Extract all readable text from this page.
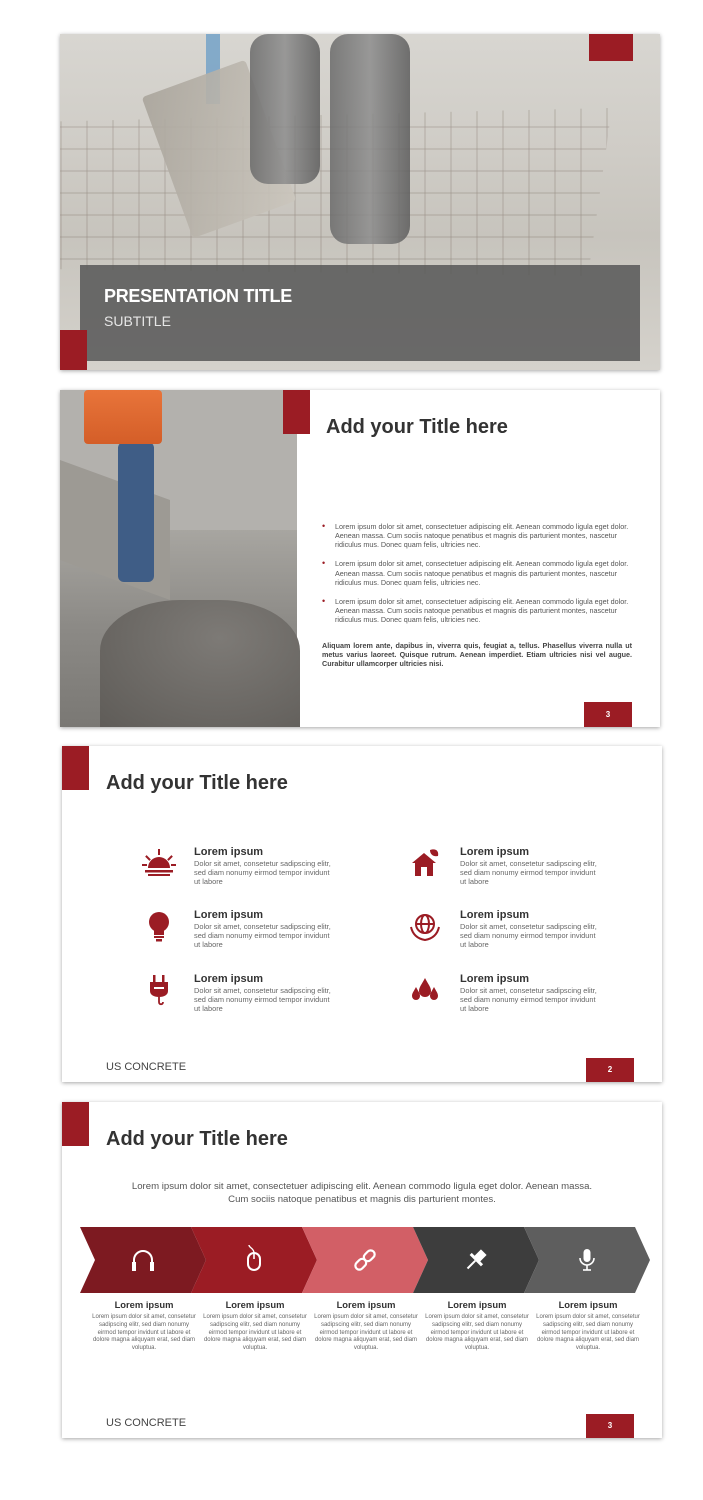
PRESENTATION TITLE
SUBTITLE
Add your Title here
• Lorem ipsum dolor sit amet, consectetuer adipiscing elit. Aenean commodo ligula eget dolor. Aenean massa. Cum sociis natoque penatibus et magnis dis parturient montes, nascetur ridiculus mus. Donec quam felis, ultricies nec.
• Lorem ipsum dolor sit amet, consectetuer adipiscing elit. Aenean commodo ligula eget dolor. Aenean massa. Cum sociis natoque penatibus et magnis dis parturient montes, nascetur ridiculus mus. Donec quam felis, ultricies nec.
• Lorem ipsum dolor sit amet, consectetuer adipiscing elit. Aenean commodo ligula eget dolor. Aenean massa. Cum sociis natoque penatibus et magnis dis parturient montes, nascetur ridiculus mus. Donec quam felis, ultricies nec.
Aliquam lorem ante, dapibus in, viverra quis, feugiat a, tellus. Phasellus viverra nulla ut metus varius laoreet. Quisque rutrum. Aenean imperdiet. Etiam ultricies nisi vel augue. Curabitur ullamcorper ultricies nisi.
3
Add your Title here
Lorem ipsum
Dolor sit amet, consetetur sadipscing elitr, sed diam nonumy eirmod tempor invidunt ut labore
Lorem ipsum
Dolor sit amet, consetetur sadipscing elitr, sed diam nonumy eirmod tempor invidunt ut labore
Lorem ipsum
Dolor sit amet, consetetur sadipscing elitr, sed diam nonumy eirmod tempor invidunt ut labore
Lorem ipsum
Dolor sit amet, consetetur sadipscing elitr, sed diam nonumy eirmod tempor invidunt ut labore
Lorem ipsum
Dolor sit amet, consetetur sadipscing elitr, sed diam nonumy eirmod tempor invidunt ut labore
Lorem ipsum
Dolor sit amet, consetetur sadipscing elitr, sed diam nonumy eirmod tempor invidunt ut labore
US CONCRETE	2
Add your Title here
Lorem ipsum dolor sit amet, consectetuer adipiscing elit. Aenean commodo ligula eget dolor. Aenean massa. Cum sociis natoque penatibus et magnis dis parturient montes.
Lorem ipsum
Lorem ipsum dolor sit amet, consetetur sadipscing elitr, sed diam nonumy eirmod tempor invidunt ut labore et dolore magna aliquyam erat, sed diam voluptua.
Lorem ipsum
Lorem ipsum dolor sit amet, consetetur sadipscing elitr, sed diam nonumy eirmod tempor invidunt ut labore et dolore magna aliquyam erat, sed diam voluptua.
Lorem ipsum
Lorem ipsum dolor sit amet, consetetur sadipscing elitr, sed diam nonumy eirmod tempor invidunt ut labore et dolore magna aliquyam erat, sed diam voluptua.
Lorem ipsum
Lorem ipsum dolor sit amet, consetetur sadipscing elitr, sed diam nonumy eirmod tempor invidunt ut labore et dolore magna aliquyam erat, sed diam voluptua.
Lorem ipsum
Lorem ipsum dolor sit amet, consetetur sadipscing elitr, sed diam nonumy eirmod tempor invidunt ut labore et dolore magna aliquyam erat, sed diam voluptua.
US CONCRETE	3
